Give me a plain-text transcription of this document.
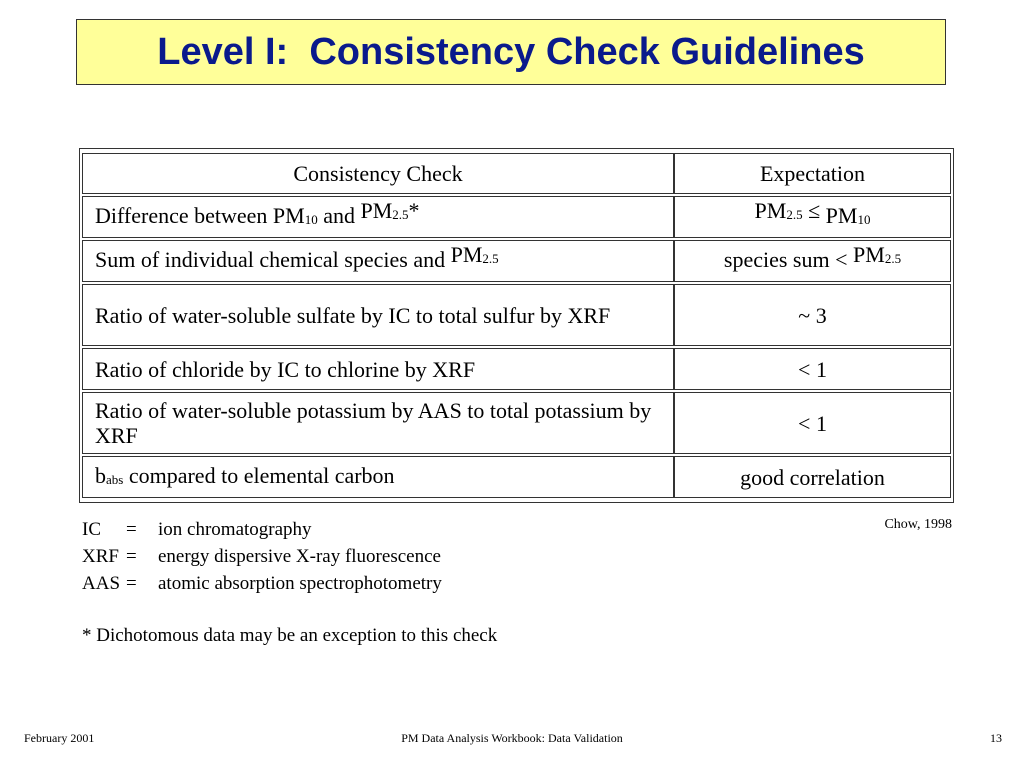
Level I:  Consistency Check Guidelines
Consistency Check	Expectation
Difference between $PM_{10}$ and $PM_{2.5}*$	$PM_{2.5} \le PM_{10}$
Sum of individual chemical species and $PM_{2.5}$	species sum < $PM_{2.5}$
Ratio of water-soluble sulfate by IC to total sulfur by XRF	~ 3
Ratio of chloride by IC to chlorine by XRF	< 1
Ratio of water-soluble potassium by AAS to total potassium by XRF	< 1
$b_{abs}$ compared to elemental carbon	good correlation
IC = ion chromatography
XRF = energy dispersive X-ray fluorescence
AAS = atomic absorption spectrophotometry
* Dichotomous data may be an exception to this check
Chow, 1998
February 2001	PM Data Analysis Workbook: Data Validation	13
